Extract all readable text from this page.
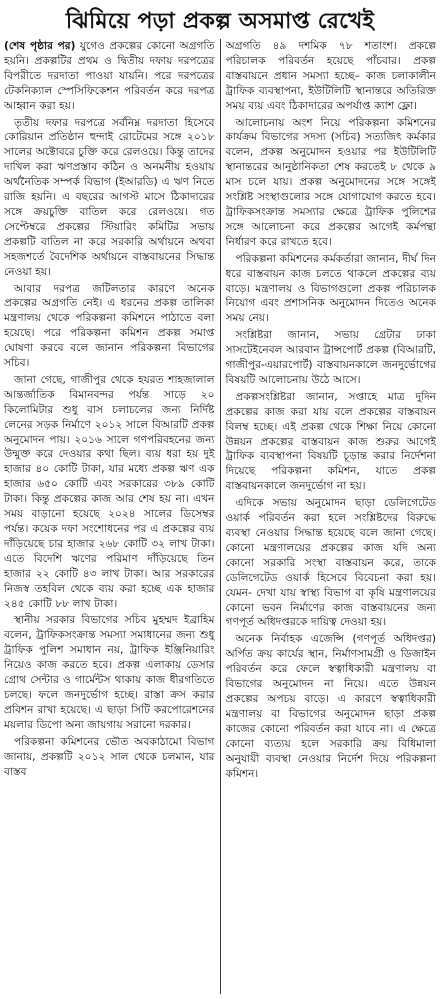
ঝিমিয়ে পড়া প্রকল্প অসমাপ্ত রেখেই

(শেষ পৃষ্ঠার পর) যুগেও প্রকল্পের কোনো অগ্রগতি হয়নি। প্রকল্পটির প্রথম ও দ্বিতীয় দফায় দরপত্রের বিপরীতে দরদাতা পাওয়া যায়নি। পরে দরপত্রের টেকনিক্যাল স্পেসিফিকেশন পরিবর্তন করে দরপত্র আহ্বান করা হয়।

তৃতীয় দফার দরপত্রে সর্বনিম্ন দরদাতা হিসেবে কোরিয়ান প্রতিষ্ঠান হুন্দাই রোটেমের সঙ্গে ২০১৮ সালের অক্টোবরে চুক্তি করে রেলওয়ে। কিন্তু তাদের দাখিল করা ঋণপ্রস্তাব কঠিন ও অনমনীয় হওয়ায় অর্থনৈতিক সম্পর্ক বিভাগ (ইআরডি) এ ঋণ নিতে রাজি হয়নি। এ বছরের আগস্ট মাসে ঠিকাদারের সঙ্গে ক্রয়চুক্তি বাতিল করে রেলওয়ে। গত সেপ্টেম্বরে প্রকল্পের স্টিয়ারিং কমিটির সভায় প্রকল্পটি বাতিল না করে সরকারি অর্থায়নে অথবা সহজশর্তে বৈদেশিক অর্থায়নে বাস্তবায়নের সিদ্ধান্ত নেওয়া হয়।

আবার দরপত্র জটিলতার কারণে অনেক প্রকল্পের অগ্রগতি নেই। এ ধরনের প্রকল্প তালিকা মন্ত্রণালয় থেকে পরিকল্পনা কমিশনে পাঠাতে বলা হয়েছে। পরে পরিকল্পনা কমিশন প্রকল্প সমাপ্ত ঘোষণা করবে বলে জানান পরিকল্পনা বিভাগের সচিব।

জানা গেছে, গাজীপুর থেকে হযরত শাহজালাল আন্তর্জাতিক বিমানবন্দর পর্যন্ত সাড়ে ২০ কিলোমিটার শুধু বাস চলাচলের জন্য নির্দিষ্ট লেনের সড়ক নির্মাণে ২০১২ সালে বিআরটি প্রকল্প অনুমোদন পায়। ২০১৬ সালে গণপরিবহনের জন্য উন্মুক্ত করে দেওয়ার কথা ছিল। ব্যয় ধরা হয় দুই হাজার ৪০ কোটি টাকা, যার মধ্যে প্রকল্প ঋণ এক হাজার ৬৫০ কোটি এবং সরকারের ৩৮৯ কোটি টাকা। কিন্তু প্রকল্পের কাজ আর শেষ হয় না। এখন সময় বাড়ানো হয়েছে ২০২৪ সালের ডিসেম্বর পর্যন্ত। কয়েক দফা সংশোধনের পর এ প্রকল্পের ব্যয় দাঁড়িয়েছে চার হাজার ২৬৮ কোটি ৩২ লাখ টাকা। এতে বিদেশি ঋণের পরিমাণ দাঁড়িয়েছে তিন হাজার ২২ কোটি ৪৩ লাখ টাকা। আর সরকারের নিজস্ব তহবিল থেকে ব্যয় করা হচ্ছে এক হাজার ২৪৫ কোটি ৮৮ লাখ টাকা।

স্থানীয় সরকার বিভাগের সচিব মুহম্মদ ইব্রাহিম বলেন, ট্রাফিকসংক্রান্ত সমস্যা সমাধানের জন্য শুধু ট্রাফিক পুলিশ সমাধান নয়, ট্রাফিক ইঞ্জিনিয়ারিং নিয়েও কাজ করতে হবে। প্রকল্প এলাকায় ডেসার গ্রোথ সেন্টার ও গার্মেন্টস থাকায় কাজ ধীরগতিতে চলছে। ফলে জনদুর্ভোগ হচ্ছে। রাস্তা ক্রস করার প্রবিশন রাখা হয়েছে। এ ছাড়া সিটি করপোরেশনের ময়লার ডিপো অন্য জায়গায় সরানো দরকার।

পরিকল্পনা কমিশনের ভৌত অবকাঠামো বিভাগ জানায়, প্রকল্পটি ২০১২ সাল থেকে চলমান, যার বাস্তব

অগ্রগতি ৪৯ দশমিক ৭৮ শতাংশ। প্রকল্পে পরিচালক পরিবর্তন হয়েছে পাঁচবার। প্রকল্প বাস্তবায়নে প্রধান সমস্যা হচ্ছে– কাজ চলাকালীন ট্রাফিক ব্যবস্থাপনা, ইউটিলিটি স্থানান্তরে অতিরিক্ত সময় ব্যয় এবং ঠিকাদারের অপর্যাপ্ত ক্যাশ ফ্লো।

আলোচনায় অংশ নিয়ে পরিকল্পনা কমিশনের কার্যক্রম বিভাগের সদস্য (সচিব) সত্যজিৎ কর্মকার বলেন, প্রকল্প অনুমোদন হওয়ার পর ইউটিলিটি স্থানান্তরের আনুষ্ঠানিকতা শেষ করতেই ৮ থেকে ৯ মাস চলে যায়। প্রকল্প অনুমোদনের সঙ্গে সঙ্গেই সংশ্লিষ্ট সংস্থাগুলোর সঙ্গে যোগাযোগ করতে হবে। ট্রাফিকসংক্রান্ত সমস্যার ক্ষেত্রে ট্রাফিক পুলিশের সঙ্গে আলোচনা করে প্রকল্পের আগেই কর্মপন্থা নির্ধারণ করে রাখতে হবে।

পরিকল্পনা কমিশনের কর্মকর্তারা জানান, দীর্ঘ দিন ধরে বাস্তবায়ন কাজ চলতে থাকলে প্রকল্পের ব্যয় বাড়ে। মন্ত্রণালয় ও বিভাগগুলো প্রকল্প পরিচালক নিয়োগ এবং প্রশাসনিক অনুমোদন দিতেও অনেক সময় নেয়।

সংশ্লিষ্টরা জানান, সভায় গ্রেটার ঢাকা সাসটেইনেবল আরবান ট্রান্সপোর্ট প্রকল্প (বিআরটি, গাজীপুর-এয়ারপোর্ট) বাস্তবায়নকালে জনদুর্ভোগের বিষয়টি আলোচনায় উঠে আসে।

প্রকল্পসংশ্লিষ্টরা জানান, সপ্তাহে মাত্র দুদিন প্রকল্পের কাজ করা যায় বলে প্রকল্পের বাস্তবায়ন বিলম্ব হচ্ছে। এই প্রকল্প থেকে শিক্ষা নিয়ে কোনো উন্নয়ন প্রকল্পের বাস্তবায়ন কাজ শুরুর আগেই ট্রাফিক ব্যবস্থাপনা বিষয়টি চূড়ান্ত করার নির্দেশনা দিয়েছে পরিকল্পনা কমিশন, যাতে প্রকল্প বাস্তবায়নকালে জনদুর্ভোগ না হয়।

এদিকে সভায় অনুমোদন ছাড়া ডেলিগেটেড ওয়ার্ক পরিবর্তন করা হলে সংশ্লিষ্টদের বিরুদ্ধে ব্যবস্থা নেওয়ার সিদ্ধান্ত হয়েছে বলে জানা গেছে। কোনো মন্ত্রণালয়ের প্রকল্পের কাজ যদি অন্য কোনো সরকারি সংস্থা বাস্তবায়ন করে, তাকে ডেলিগেটেড ওয়ার্ক হিসেবে বিবেচনা করা হয়। যেমন- দেখা যায় স্বাস্থ্য বিভাগ বা কৃষি মন্ত্রণালয়ের কোনো ভবন নির্মাণের কাজ বাস্তবায়নের জন্য গণপূর্ত অধিদপ্তরকে দায়িত্ব দেওয়া হয়।

অনেক নির্বাহক এজেন্সি (গণপূর্ত অধিদপ্তর) অর্পিত ক্রয় কার্যের স্থান, নির্মাণসামগ্রী ও ডিজাইন পরিবর্তন করে ফেলে স্বত্বাধিকারী মন্ত্রণালয় বা বিভাগের অনুমোদন না নিয়ে। এতে উন্নয়ন প্রকল্পের অপচয় বাড়ে। এ কারণে স্বত্বাধিকারী মন্ত্রণালয় বা বিভাগের অনুমোদন ছাড়া প্রকল্প কাজের কোনো পরিবর্তন করা যাবে না। এ ক্ষেত্রে কোনো ব্যত্যয় হলে সরকারি ক্রয় বিধিমালা অনুযায়ী ব্যবস্থা নেওয়ার নির্দেশ দিয়ে পরিকল্পনা কমিশন।
